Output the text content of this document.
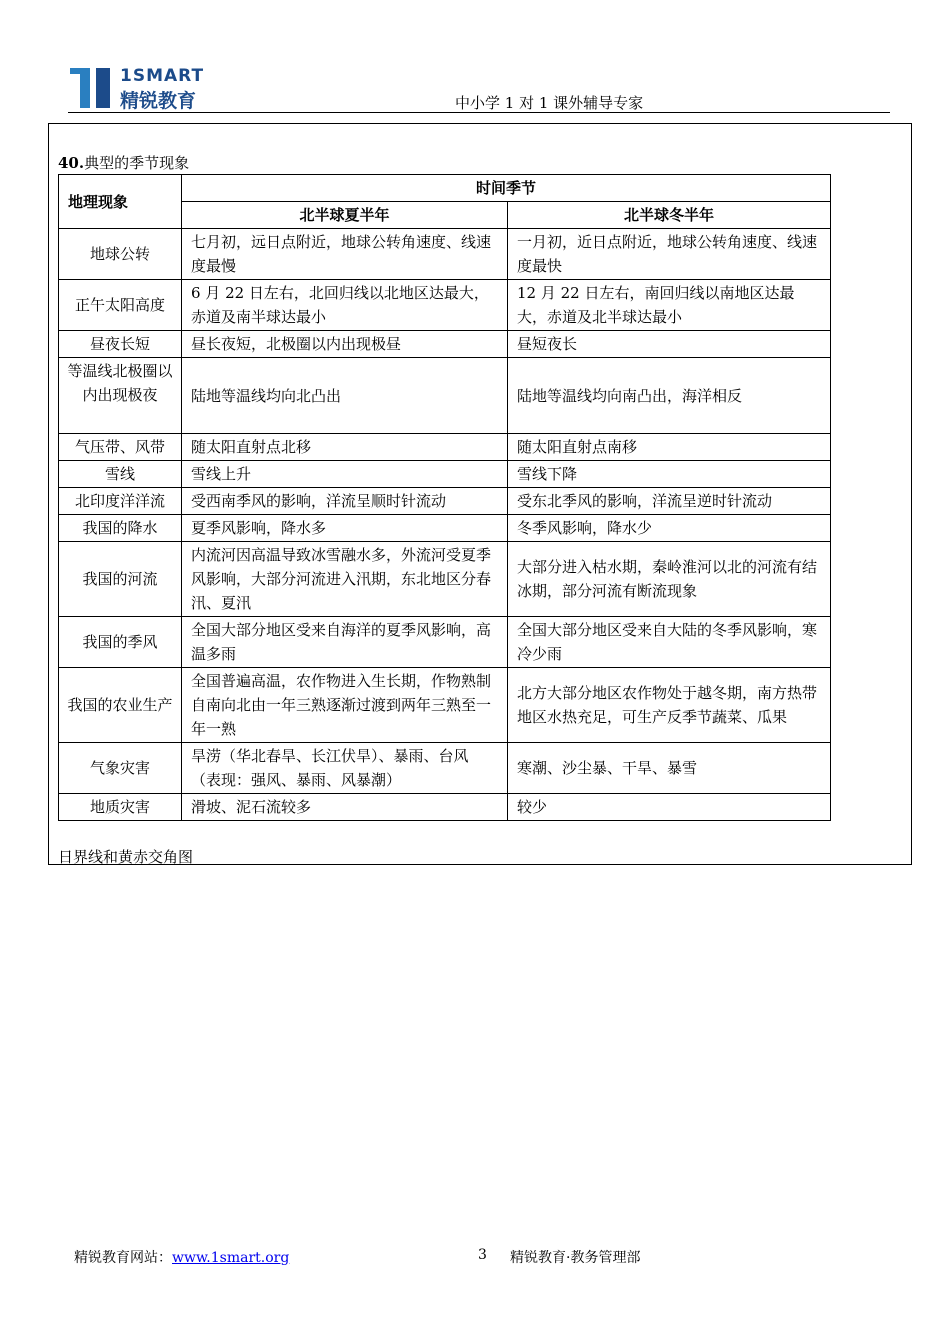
1SMART
精锐教育	中小学 1 对 1 课外辅导专家
40.典型的季节现象
地理现象	时间季节	
	北半球夏半年	北半球冬半年
地球公转	七月初，远日点附近，地球公转角速度、线速度最慢	一月初，近日点附近，地球公转角速度、线速度最快
正午太阳高度	6 月 22 日左右，北回归线以北地区达最大，赤道及南半球达最小	12 月 22 日左右，南回归线以南地区达最大，赤道及北半球达最小
昼夜长短	昼长夜短，北极圈以内出现极昼	昼短夜长
等温线北极圈以内出现极夜	陆地等温线均向北凸出	陆地等温线均向南凸出，海洋相反
气压带、风带	随太阳直射点北移	随太阳直射点南移
雪线	雪线上升	雪线下降
北印度洋洋流	受西南季风的影响，洋流呈顺时针流动	受东北季风的影响，洋流呈逆时针流动
我国的降水	夏季风影响，降水多	冬季风影响，降水少
我国的河流	内流河因高温导致冰雪融水多，外流河受夏季风影响，大部分河流进入汛期，东北地区分春汛、夏汛	大部分进入枯水期，秦岭淮河以北的河流有结冰期，部分河流有断流现象
我国的季风	全国大部分地区受来自海洋的夏季风影响，高温多雨	全国大部分地区受来自大陆的冬季风影响，寒冷少雨
我国的农业生产	全国普遍高温，农作物进入生长期，作物熟制自南向北由一年三熟逐渐过渡到两年三熟至一年一熟	北方大部分地区农作物处于越冬期，南方热带地区水热充足，可生产反季节蔬菜、瓜果
气象灾害	旱涝（华北春旱、长江伏旱）、暴雨、台风（表现：强风、暴雨、风暴潮）	寒潮、沙尘暴、干旱、暴雪
地质灾害	滑坡、泥石流较多	较少
日界线和黄赤交角图
精锐教育网站：www.1smart.org	3 精锐教育·教务管理部
